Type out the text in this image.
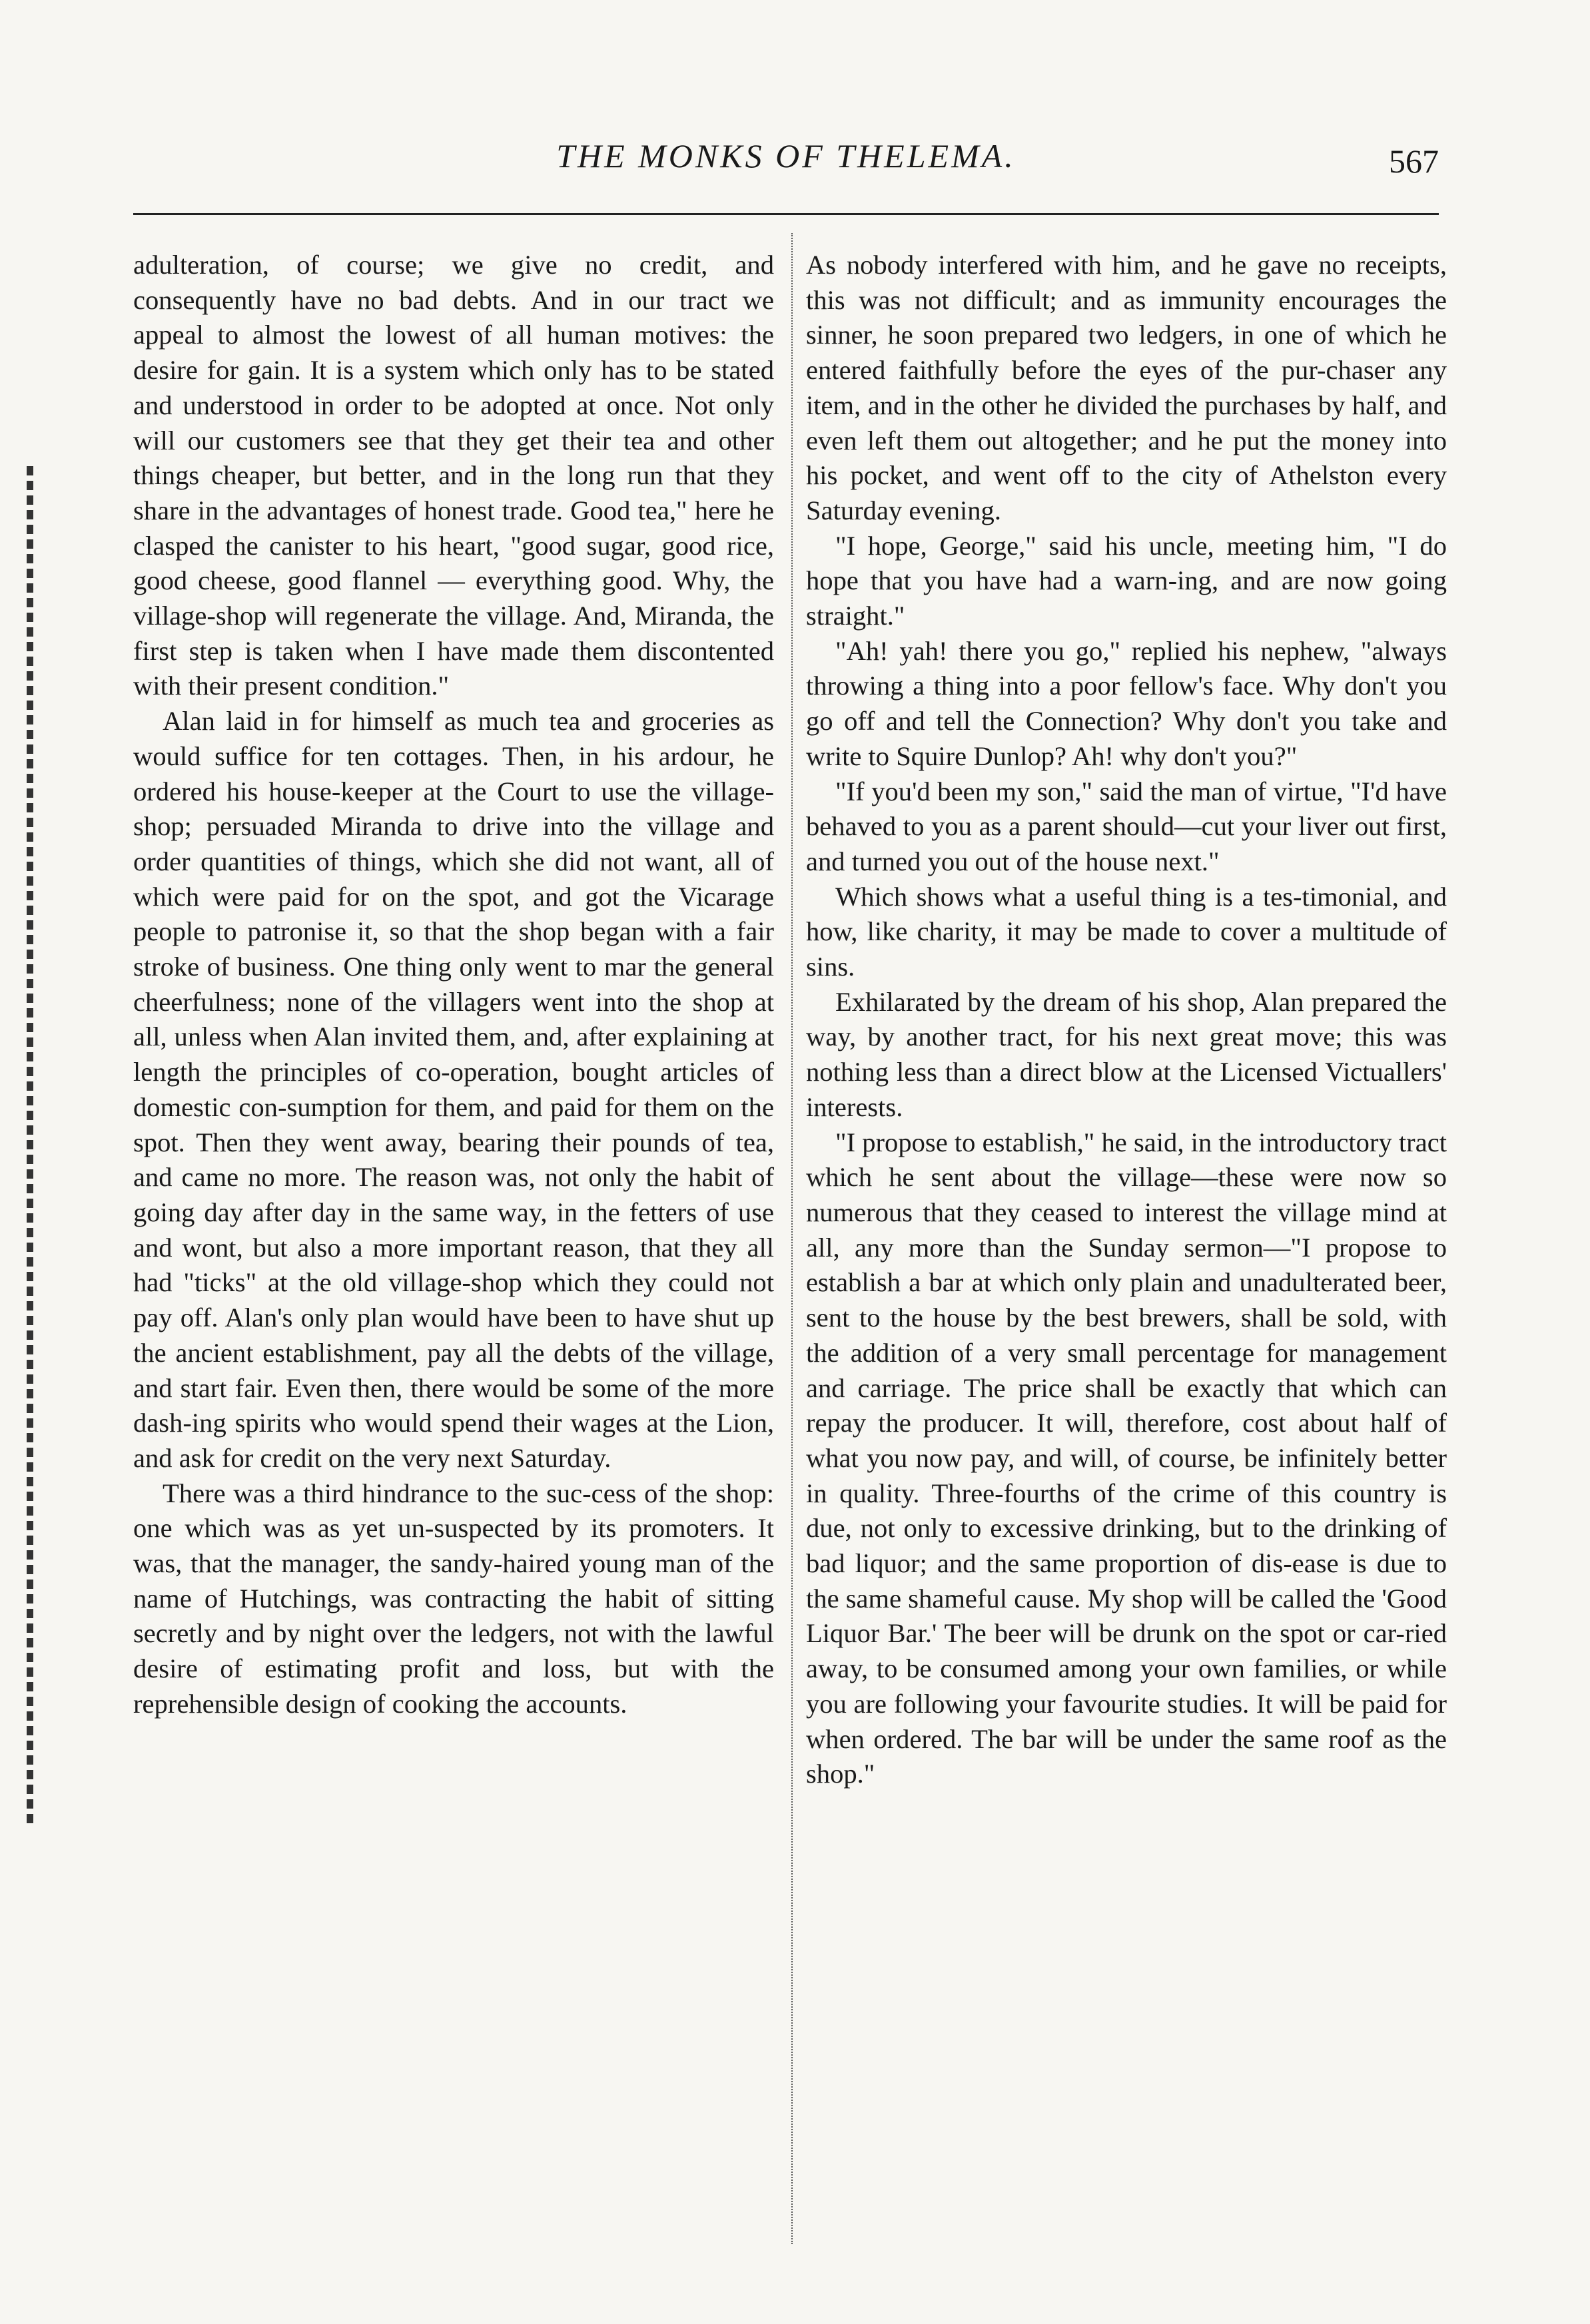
THE MONKS OF THELEMA.	567

adulteration, of course; we give no credit, and consequently have no bad debts. And in our tract we appeal to almost the lowest of all human motives: the desire for gain. It is a system which only has to be stated and understood in order to be adopted at once. Not only will our customers see that they get their tea and other things cheaper, but better, and in the long run that they share in the advantages of honest trade. Good tea," here he clasped the canister to his heart, "good sugar, good rice, good cheese, good flannel — everything good. Why, the village-shop will regenerate the village. And, Miranda, the first step is taken when I have made them discontented with their present condition."

Alan laid in for himself as much tea and groceries as would suffice for ten cottages. Then, in his ardour, he ordered his house-keeper at the Court to use the village-shop; persuaded Miranda to drive into the village and order quantities of things, which she did not want, all of which were paid for on the spot, and got the Vicarage people to patronise it, so that the shop began with a fair stroke of business. One thing only went to mar the general cheerfulness; none of the villagers went into the shop at all, unless when Alan invited them, and, after explaining at length the principles of co-operation, bought articles of domestic con-sumption for them, and paid for them on the spot. Then they went away, bearing their pounds of tea, and came no more. The reason was, not only the habit of going day after day in the same way, in the fetters of use and wont, but also a more important reason, that they all had "ticks" at the old village-shop which they could not pay off. Alan's only plan would have been to have shut up the ancient establishment, pay all the debts of the village, and start fair. Even then, there would be some of the more dash-ing spirits who would spend their wages at the Lion, and ask for credit on the very next Saturday.

There was a third hindrance to the suc-cess of the shop: one which was as yet un-suspected by its promoters. It was, that the manager, the sandy-haired young man of the name of Hutchings, was contracting the habit of sitting secretly and by night over the ledgers, not with the lawful desire of estimating profit and loss, but with the reprehensible design of cooking the accounts.

As nobody interfered with him, and he gave no receipts, this was not difficult; and as immunity encourages the sinner, he soon prepared two ledgers, in one of which he entered faithfully before the eyes of the pur-chaser any item, and in the other he divided the purchases by half, and even left them out altogether; and he put the money into his pocket, and went off to the city of Athelston every Saturday evening.

"I hope, George," said his uncle, meeting him, "I do hope that you have had a warn-ing, and are now going straight."

"Ah! yah! there you go," replied his nephew, "always throwing a thing into a poor fellow's face. Why don't you go off and tell the Connection? Why don't you take and write to Squire Dunlop? Ah! why don't you?"

"If you'd been my son," said the man of virtue, "I'd have behaved to you as a parent should—cut your liver out first, and turned you out of the house next."

Which shows what a useful thing is a tes-timonial, and how, like charity, it may be made to cover a multitude of sins.

Exhilarated by the dream of his shop, Alan prepared the way, by another tract, for his next great move; this was nothing less than a direct blow at the Licensed Victuallers' interests.

"I propose to establish," he said, in the introductory tract which he sent about the village—these were now so numerous that they ceased to interest the village mind at all, any more than the Sunday sermon—"I propose to establish a bar at which only plain and unadulterated beer, sent to the house by the best brewers, shall be sold, with the addition of a very small percentage for management and carriage. The price shall be exactly that which can repay the producer. It will, therefore, cost about half of what you now pay, and will, of course, be infinitely better in quality. Three-fourths of the crime of this country is due, not only to excessive drinking, but to the drinking of bad liquor; and the same proportion of dis-ease is due to the same shameful cause. My shop will be called the 'Good Liquor Bar.' The beer will be drunk on the spot or car-ried away, to be consumed among your own families, or while you are following your favourite studies. It will be paid for when ordered. The bar will be under the same roof as the shop."
